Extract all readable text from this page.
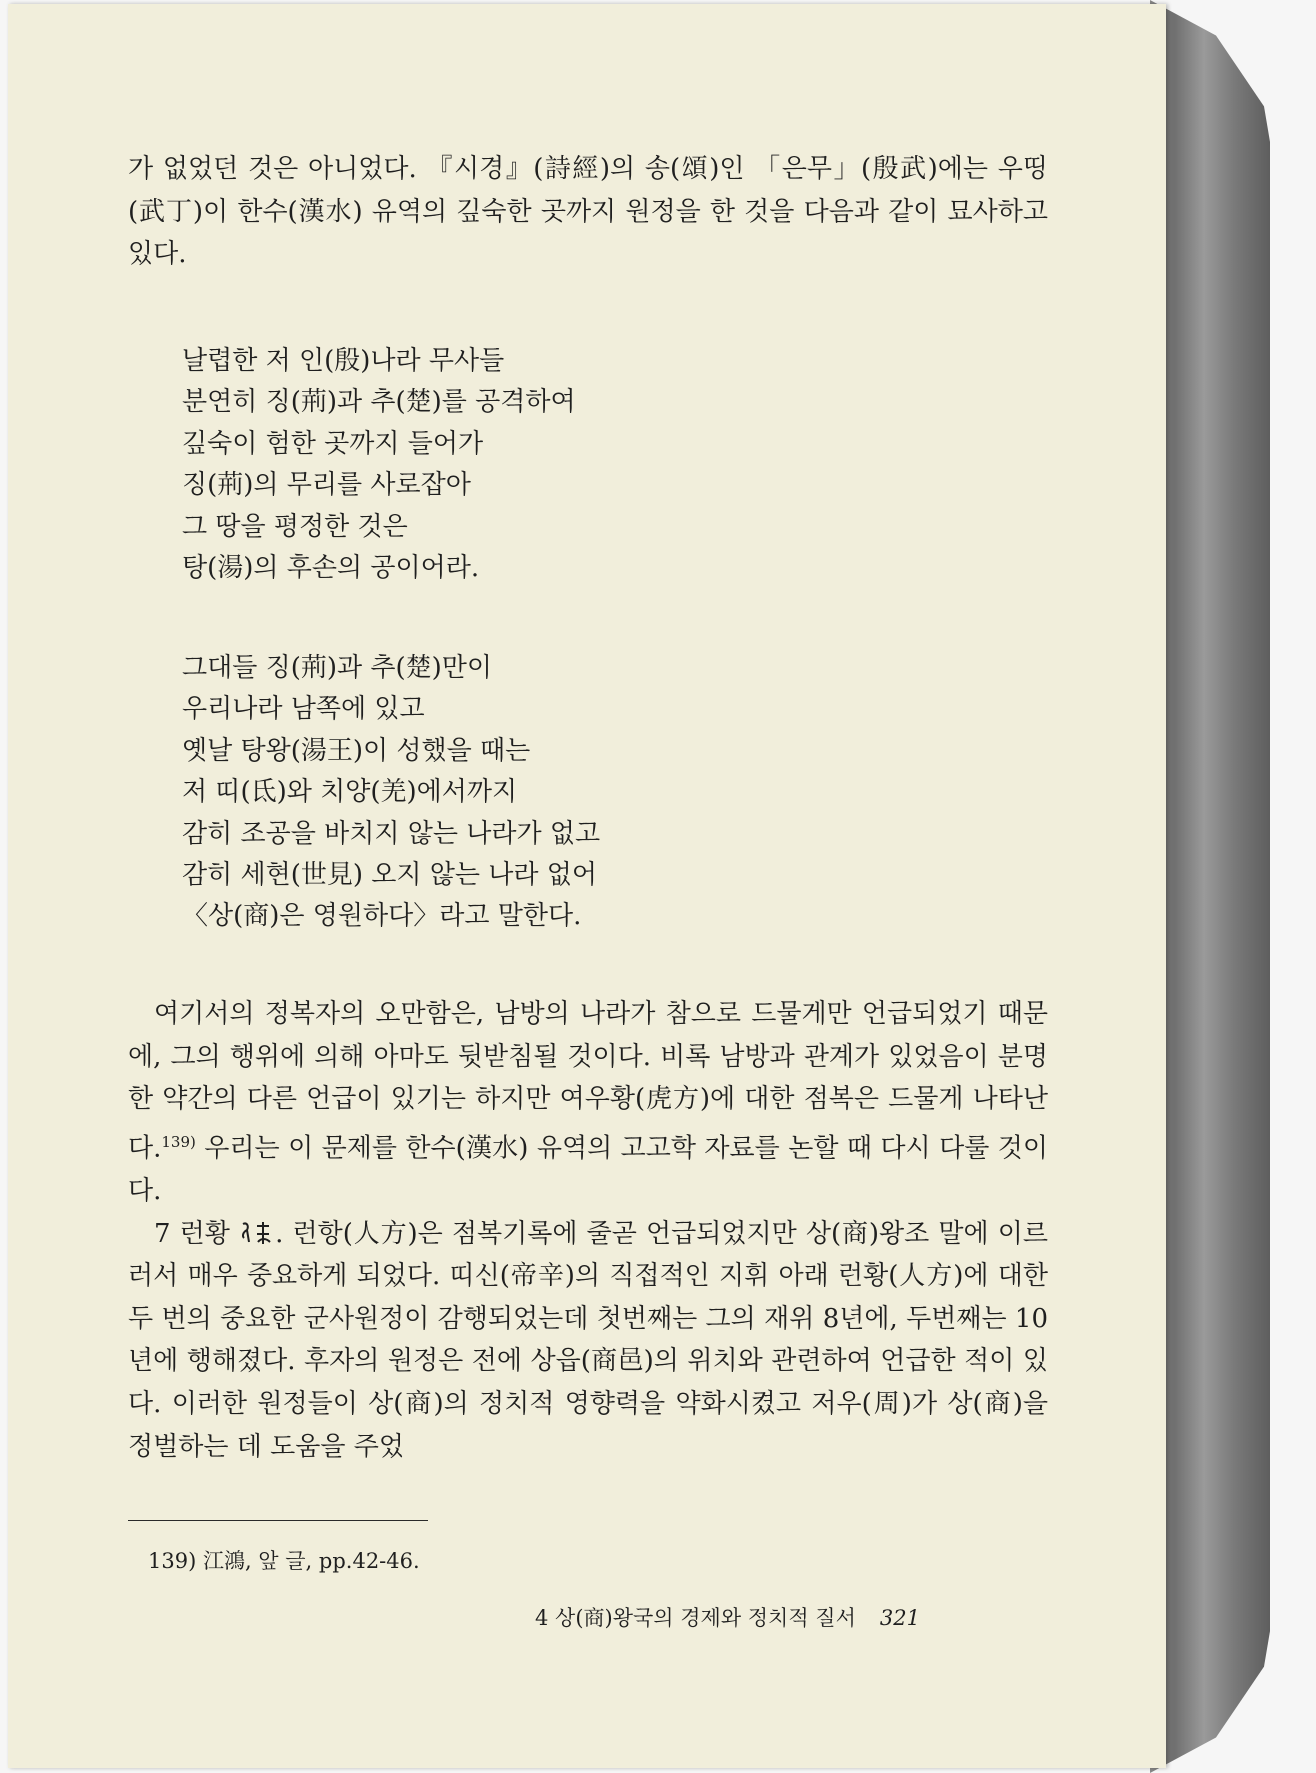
가 없었던 것은 아니었다. 『시경』(詩經)의 송(頌)인 「은무」(殷武)에는 우띵(武丁)이 한수(漢水) 유역의 깊숙한 곳까지 원정을 한 것을 다음과 같이 묘사하고 있다.

날렵한 저 인(殷)나라 무사들
분연히 징(荊)과 추(楚)를 공격하여
깊숙이 험한 곳까지 들어가
징(荊)의 무리를 사로잡아
그 땅을 평정한 것은
탕(湯)의 후손의 공이어라.
그대들 징(荊)과 추(楚)만이
우리나라 남쪽에 있고
옛날 탕왕(湯王)이 성했을 때는
저 띠(氐)와 치양(羌)에서까지
감히 조공을 바치지 않는 나라가 없고
감히 세현(世見) 오지 않는 나라 없어
〈상(商)은 영원하다〉라고 말한다.

여기서의 정복자의 오만함은, 남방의 나라가 참으로 드물게만 언급되었기 때문에, 그의 행위에 의해 아마도 뒷받침될 것이다. 비록 남방과 관계가 있었음이 분명한 약간의 다른 언급이 있기는 하지만 여우황(虎方)에 대한 점복은 드물게 나타난다.$^{139)}$ 우리는 이 문제를 한수(漢水) 유역의 고고학 자료를 논할 때 다시 다룰 것이다.

7 런황 . 런항(人方)은 점복기록에 줄곧 언급되었지만 상(商)왕조 말에 이르러서 매우 중요하게 되었다. 띠신(帝辛)의 직접적인 지휘 아래 런황(人方)에 대한 두 번의 중요한 군사원정이 감행되었는데 첫번째는 그의 재위 8년에, 두번째는 10년에 행해졌다. 후자의 원정은 전에 상읍(商邑)의 위치와 관련하여 언급한 적이 있다. 이러한 원정들이 상(商)의 정치적 영향력을 약화시켰고 저우(周)가 상(商)을 정벌하는 데 도움을 주었

139) 江鴻, 앞 글, pp.42-46.
4 상(商)왕국의 경제와 정치적 질서 321
